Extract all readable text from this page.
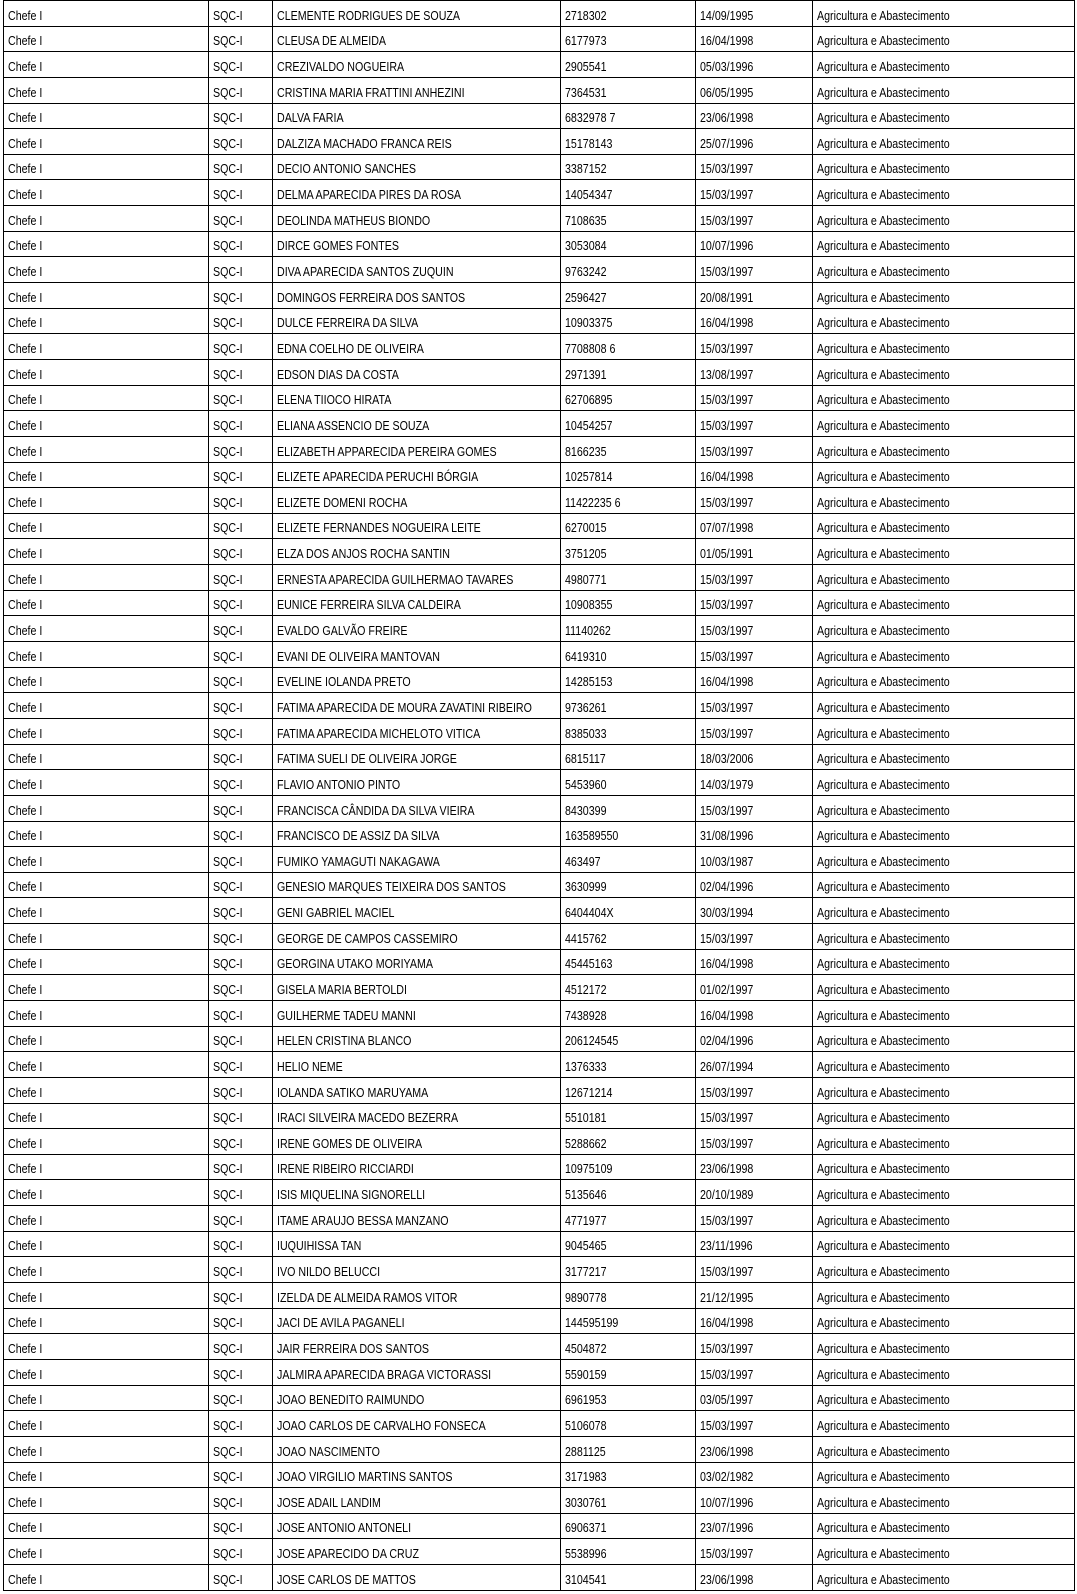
Chefe I	SQC-I	CLEMENTE RODRIGUES DE SOUZA	2718302	14/09/1995	Agricultura e Abastecimento
Chefe I	SQC-I	CLEUSA DE ALMEIDA	6177973	16/04/1998	Agricultura e Abastecimento
Chefe I	SQC-I	CREZIVALDO NOGUEIRA	2905541	05/03/1996	Agricultura e Abastecimento
Chefe I	SQC-I	CRISTINA MARIA FRATTINI ANHEZINI	7364531	06/05/1995	Agricultura e Abastecimento
Chefe I	SQC-I	DALVA FARIA	6832978 7	23/06/1998	Agricultura e Abastecimento
Chefe I	SQC-I	DALZIZA MACHADO FRANCA REIS	15178143	25/07/1996	Agricultura e Abastecimento
Chefe I	SQC-I	DECIO ANTONIO SANCHES	3387152	15/03/1997	Agricultura e Abastecimento
Chefe I	SQC-I	DELMA APARECIDA PIRES DA ROSA	14054347	15/03/1997	Agricultura e Abastecimento
Chefe I	SQC-I	DEOLINDA MATHEUS BIONDO	7108635	15/03/1997	Agricultura e Abastecimento
Chefe I	SQC-I	DIRCE GOMES FONTES	3053084	10/07/1996	Agricultura e Abastecimento
Chefe I	SQC-I	DIVA APARECIDA SANTOS ZUQUIN	9763242	15/03/1997	Agricultura e Abastecimento
Chefe I	SQC-I	DOMINGOS FERREIRA DOS SANTOS	2596427	20/08/1991	Agricultura e Abastecimento
Chefe I	SQC-I	DULCE FERREIRA DA SILVA	10903375	16/04/1998	Agricultura e Abastecimento
Chefe I	SQC-I	EDNA COELHO DE OLIVEIRA	7708808 6	15/03/1997	Agricultura e Abastecimento
Chefe I	SQC-I	EDSON DIAS DA COSTA	2971391	13/08/1997	Agricultura e Abastecimento
Chefe I	SQC-I	ELENA TIIOCO HIRATA	62706895	15/03/1997	Agricultura e Abastecimento
Chefe I	SQC-I	ELIANA ASSENCIO DE SOUZA	10454257	15/03/1997	Agricultura e Abastecimento
Chefe I	SQC-I	ELIZABETH APPARECIDA PEREIRA GOMES	8166235	15/03/1997	Agricultura e Abastecimento
Chefe I	SQC-I	ELIZETE APARECIDA PERUCHI BÓRGIA	10257814	16/04/1998	Agricultura e Abastecimento
Chefe I	SQC-I	ELIZETE DOMENI ROCHA	11422235 6	15/03/1997	Agricultura e Abastecimento
Chefe I	SQC-I	ELIZETE FERNANDES NOGUEIRA LEITE	6270015	07/07/1998	Agricultura e Abastecimento
Chefe I	SQC-I	ELZA DOS ANJOS ROCHA SANTIN	3751205	01/05/1991	Agricultura e Abastecimento
Chefe I	SQC-I	ERNESTA APARECIDA GUILHERMAO TAVARES	4980771	15/03/1997	Agricultura e Abastecimento
Chefe I	SQC-I	EUNICE FERREIRA SILVA CALDEIRA	10908355	15/03/1997	Agricultura e Abastecimento
Chefe I	SQC-I	EVALDO GALVÃO FREIRE	11140262	15/03/1997	Agricultura e Abastecimento
Chefe I	SQC-I	EVANI DE OLIVEIRA MANTOVAN	6419310	15/03/1997	Agricultura e Abastecimento
Chefe I	SQC-I	EVELINE IOLANDA PRETO	14285153	16/04/1998	Agricultura e Abastecimento
Chefe I	SQC-I	FATIMA APARECIDA DE MOURA ZAVATINI RIBEIRO	9736261	15/03/1997	Agricultura e Abastecimento
Chefe I	SQC-I	FATIMA APARECIDA MICHELOTO VITICA	8385033	15/03/1997	Agricultura e Abastecimento
Chefe I	SQC-I	FATIMA SUELI DE OLIVEIRA JORGE	6815117	18/03/2006	Agricultura e Abastecimento
Chefe I	SQC-I	FLAVIO ANTONIO PINTO	5453960	14/03/1979	Agricultura e Abastecimento
Chefe I	SQC-I	FRANCISCA CÂNDIDA DA SILVA VIEIRA	8430399	15/03/1997	Agricultura e Abastecimento
Chefe I	SQC-I	FRANCISCO DE ASSIZ DA SILVA	163589550	31/08/1996	Agricultura e Abastecimento
Chefe I	SQC-I	FUMIKO YAMAGUTI NAKAGAWA	463497	10/03/1987	Agricultura e Abastecimento
Chefe I	SQC-I	GENESIO MARQUES TEIXEIRA DOS SANTOS	3630999	02/04/1996	Agricultura e Abastecimento
Chefe I	SQC-I	GENI GABRIEL MACIEL	6404404X	30/03/1994	Agricultura e Abastecimento
Chefe I	SQC-I	GEORGE DE CAMPOS CASSEMIRO	4415762	15/03/1997	Agricultura e Abastecimento
Chefe I	SQC-I	GEORGINA UTAKO MORIYAMA	45445163	16/04/1998	Agricultura e Abastecimento
Chefe I	SQC-I	GISELA MARIA BERTOLDI	4512172	01/02/1997	Agricultura e Abastecimento
Chefe I	SQC-I	GUILHERME TADEU MANNI	7438928	16/04/1998	Agricultura e Abastecimento
Chefe I	SQC-I	HELEN CRISTINA BLANCO	206124545	02/04/1996	Agricultura e Abastecimento
Chefe I	SQC-I	HELIO NEME	1376333	26/07/1994	Agricultura e Abastecimento
Chefe I	SQC-I	IOLANDA SATIKO MARUYAMA	12671214	15/03/1997	Agricultura e Abastecimento
Chefe I	SQC-I	IRACI SILVEIRA MACEDO BEZERRA	5510181	15/03/1997	Agricultura e Abastecimento
Chefe I	SQC-I	IRENE GOMES DE OLIVEIRA	5288662	15/03/1997	Agricultura e Abastecimento
Chefe I	SQC-I	IRENE RIBEIRO RICCIARDI	10975109	23/06/1998	Agricultura e Abastecimento
Chefe I	SQC-I	ISIS MIQUELINA SIGNORELLI	5135646	20/10/1989	Agricultura e Abastecimento
Chefe I	SQC-I	ITAME ARAUJO BESSA MANZANO	4771977	15/03/1997	Agricultura e Abastecimento
Chefe I	SQC-I	IUQUIHISSA TAN	9045465	23/11/1996	Agricultura e Abastecimento
Chefe I	SQC-I	IVO NILDO BELUCCI	3177217	15/03/1997	Agricultura e Abastecimento
Chefe I	SQC-I	IZELDA DE ALMEIDA RAMOS VITOR	9890778	21/12/1995	Agricultura e Abastecimento
Chefe I	SQC-I	JACI DE AVILA PAGANELI	144595199	16/04/1998	Agricultura e Abastecimento
Chefe I	SQC-I	JAIR FERREIRA DOS SANTOS	4504872	15/03/1997	Agricultura e Abastecimento
Chefe I	SQC-I	JALMIRA APARECIDA BRAGA VICTORASSI	5590159	15/03/1997	Agricultura e Abastecimento
Chefe I	SQC-I	JOAO BENEDITO RAIMUNDO	6961953	03/05/1997	Agricultura e Abastecimento
Chefe I	SQC-I	JOAO CARLOS DE CARVALHO FONSECA	5106078	15/03/1997	Agricultura e Abastecimento
Chefe I	SQC-I	JOAO NASCIMENTO	2881125	23/06/1998	Agricultura e Abastecimento
Chefe I	SQC-I	JOAO VIRGILIO MARTINS SANTOS	3171983	03/02/1982	Agricultura e Abastecimento
Chefe I	SQC-I	JOSE ADAIL LANDIM	3030761	10/07/1996	Agricultura e Abastecimento
Chefe I	SQC-I	JOSE ANTONIO ANTONELI	6906371	23/07/1996	Agricultura e Abastecimento
Chefe I	SQC-I	JOSE APARECIDO DA CRUZ	5538996	15/03/1997	Agricultura e Abastecimento
Chefe I	SQC-I	JOSE CARLOS DE MATTOS	3104541	23/06/1998	Agricultura e Abastecimento
